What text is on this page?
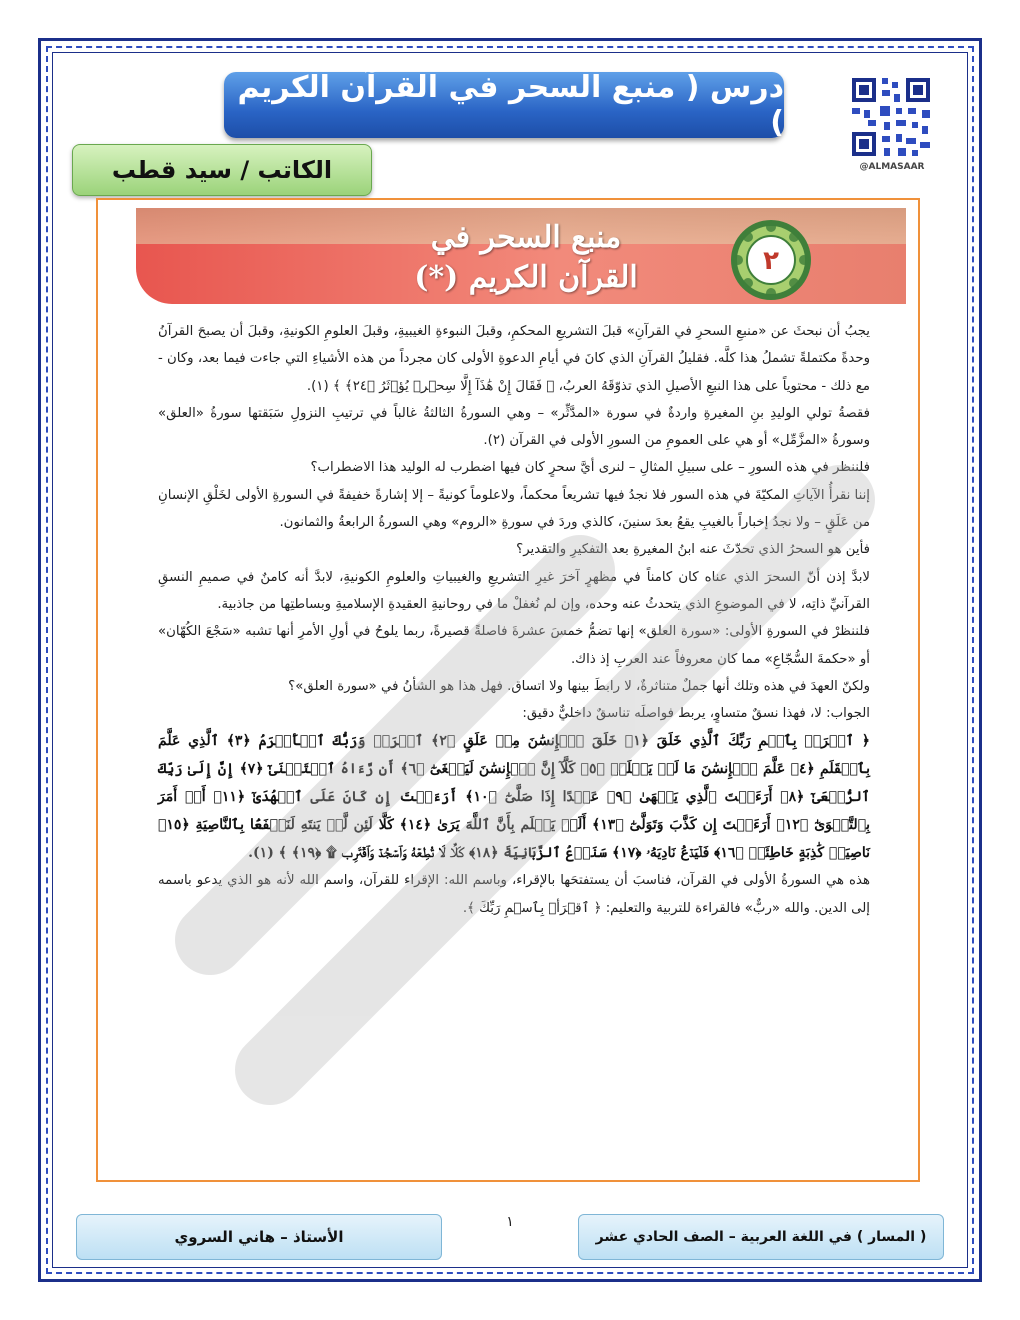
درس ( منبع السحر في القرآن الكريم )
الكاتب / سيد قطب	@ALMASAAR
منبع السحر في
القرآن الكريم (*)	٢

يجبُ أن نبحثَ عن «منبعِ السحرِ في القرآنِ» قبلَ التشريعِ المحكمِ، وقبلَ النبوءةِ الغيبيةِ، وقبلَ العلومِ الكونيةِ، وقبلَ أن يصبحَ القرآنُ وحدةً مكتملةً تشملُ هذا كلَّه. فقليلُ القرآنِ الذي كانَ في أيامِ الدعوةِ الأولى كان مجرداً من هذه الأشياءِ التي جاءت فيما بعد، وكان - مع ذلك - محتوياً على هذا النبعِ الأصيلِ الذي تذوّقَهُ العربُ، ﴿ فَقَالَ إِنْ هَٰذَآ إِلَّا سِحۡرٞ يُؤۡثَرُ ﴿٢٤﴾ ﴾ (١).

فقصةُ تولي الوليدِ بنِ المغيرةِ واردةٌ في سورة «المدَّثِّر» – وهي السورةُ الثالثةُ غالباً في ترتيبِ النزولِ سَبَقتها سورةُ «العلق» وسورةُ «المزَّمِّل» أو هي على العمومِ من السورِ الأولى في القرآن (٢).

فلننظر في هذه السورِ – على سبيلِ المثالِ – لنرى أيَّ سحرٍ كان فيها اضطرب له الوليد هذا الاضطراب؟

إننا نقرأُ الآياتِ المكيّةَ في هذه السور فلا نجدُ فيها تشريعاً محكماً، ولاعلوماً كونيةً – إلا إشارةً خفيفةً في السورةِ الأولى لخَلْقِ الإنسانِ من عَلَقٍ – ولا نجدُ إخباراً بالغيبِ يقعُ بعدَ سنينَ، كالذي وردَ في سورةِ «الروم» وهي السورةُ الرابعةُ والثمانون.

فأين هو السحرُ الذي تحدّثَ عنه ابنُ المغيرةِ بعد التفكيرِ والتقدير؟

لابدَّ إذن أنّ السحرَ الذي عناه كان كامناً في مظهرٍ آخرَ غيرِ التشريعِ والغيبياتِ والعلومِ الكونيةِ، لابدَّ أنه كامنٌ في صميمِ النسقِ القرآنيِّ ذاتِه، لا في الموضوعِ الذي يتحدثُ عنه وحده، وإن لم نُغفلْ ما في روحانيةِ العقيدةِ الإسلاميةِ وبساطتِها من جاذبية.

فلننظرْ في السورةِ الأولى: «سورة العلق» إنها تضمُّ خمسَ عشرةَ فاصلةً قصيرةً، ربما يلوحُ في أولِ الأمرِ أنها تشبه «سَجْعَ الكُهّان» أو «حكمةَ السُّجّاعِ» مما كان معروفاً عند العربِ إذ ذاك.

ولكنّ العهدَ في هذه وتلك أنها جملٌ متناثرةٌ، لا رابطَ بينها ولا اتساق. فهل هذا هو الشأنُ في «سورة العلق»؟

الجواب: لا، فهذا نسقٌ متساوٍ، يربط فواصلَه تناسقٌ داخليٌّ دقيق:

﴿ ٱقۡرَأۡ بِٱسۡمِ رَبِّكَ ٱلَّذِي خَلَقَ ﴿١﴾ خَلَقَ ٱلۡإِنسَٰنَ مِنۡ عَلَقٍ ﴿٢﴾ ٱقۡرَأۡ وَرَبُّكَ ٱلۡأَكۡرَمُ ﴿٣﴾ ٱلَّذِي عَلَّمَ بِٱلۡقَلَمِ ﴿٤﴾ عَلَّمَ ٱلۡإِنسَٰنَ مَا لَمۡ يَعۡلَمۡ ﴿٥﴾ كَلَّآ إِنَّ ٱلۡإِنسَٰنَ لَيَطۡغَىٰٓ ﴿٦﴾ أَن رَّءَاهُ ٱسۡتَغۡنَىٰٓ ﴿٧﴾ إِنَّ إِلَىٰ رَبِّكَ ٱلرُّجۡعَىٰٓ ﴿٨﴾ أَرَءَيۡتَ ٱلَّذِي يَنۡهَىٰ ﴿٩﴾ عَبۡدًا إِذَا صَلَّىٰٓ ﴿١٠﴾ أَرَءَيۡتَ إِن كَانَ عَلَى ٱلۡهُدَىٰٓ ﴿١١﴾ أَوۡ أَمَرَ بِٱلتَّقۡوَىٰٓ ﴿١٢﴾ أَرَءَيۡتَ إِن كَذَّبَ وَتَوَلَّىٰٓ ﴿١٣﴾ أَلَمۡ يَعۡلَم بِأَنَّ ٱللَّهَ يَرَىٰ ﴿١٤﴾ كَلَّا لَئِن لَّمۡ يَنتَهِ لَنَسۡفَعَۢا بِٱلنَّاصِيَةِ ﴿١٥﴾ نَاصِيَةٖ كَٰذِبَةٍ خَاطِئَةٖ ﴿١٦﴾ فَلۡيَدۡعُ نَادِيَهُۥ ﴿١٧﴾ سَنَدۡعُ ٱلزَّبَانِيَةَ ﴿١٨﴾ كَلَّا لَا تُطِعۡهُ وَٱسۡجُدۡ وَٱقۡتَرِب ۩ ﴿١٩﴾ ﴾ (١).

هذه هي السورةُ الأولى في القرآن، فناسبَ أن يستفتحَها بالإقراء، وباسم الله: الإقراء للقرآن، واسم الله لأنه هو الذي يدعو باسمه إلى الدين. والله «ربٌّ» فالقراءة للتربية والتعليم: ﴿ ٱقۡرَأۡ بِٱسۡمِ رَبِّكَ ﴾.

الأستاذ – هاني السروي
١
( المسار ) في اللغة العربية – الصف الحادي عشر
